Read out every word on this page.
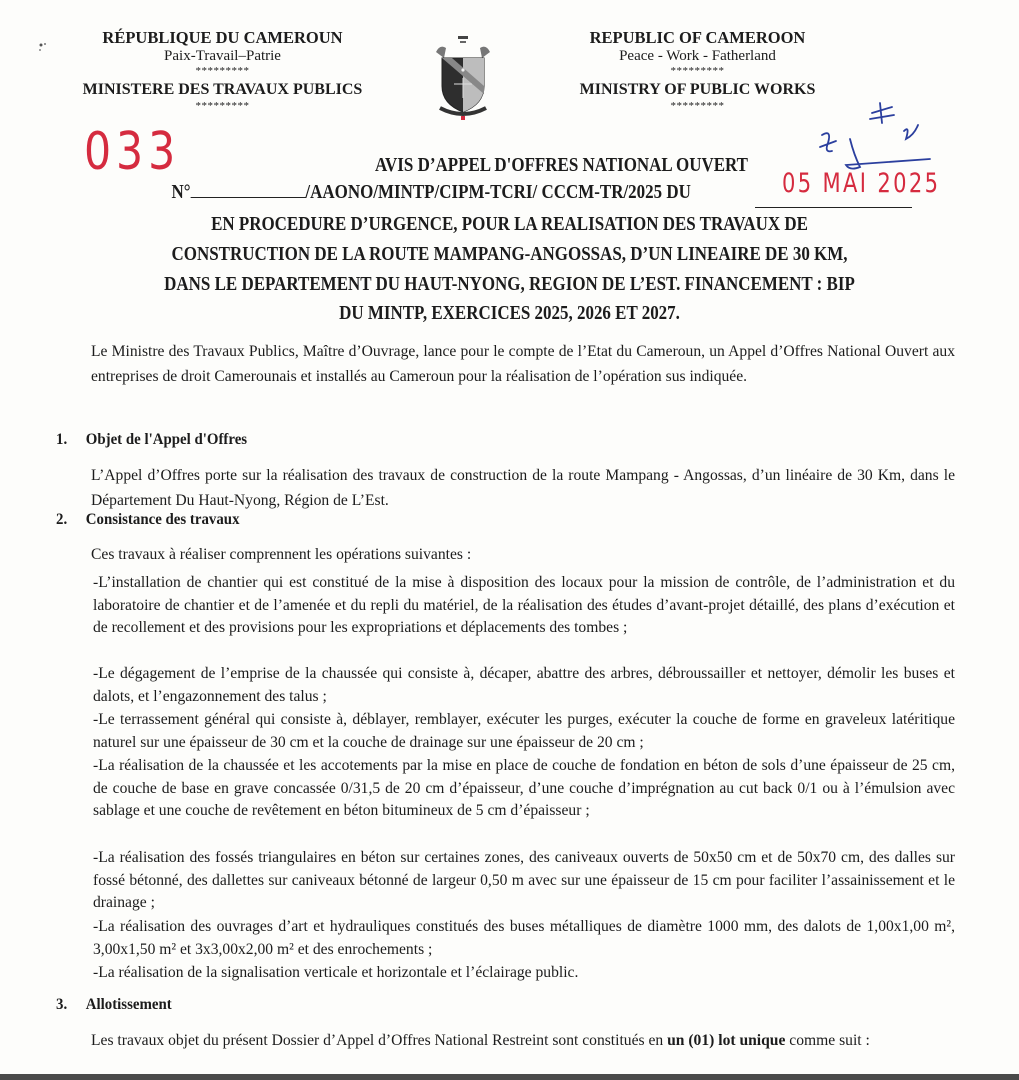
RÉPUBLIQUE DU CAMEROUN
Paix-Travail–Patrie
*********
MINISTERE DES TRAVAUX PUBLICS
*********
REPUBLIC OF CAMEROON
Peace - Work - Fatherland
*********
MINISTRY OF PUBLIC WORKS
*********
033	AVIS D’APPEL D'OFFRES NATIONAL OUVERT
N°	/AAONO/MINTP/CIPM-TCRI/ CCCM-TR/2025 DU	05 MAI 2025
EN PROCEDURE D’URGENCE, POUR LA REALISATION DES TRAVAUX DE
CONSTRUCTION DE LA ROUTE MAMPANG-ANGOSSAS, D’UN LINEAIRE DE 30 KM,
DANS LE DEPARTEMENT DU HAUT-NYONG, REGION DE L’EST. FINANCEMENT : BIP
DU MINTP, EXERCICES 2025, 2026 ET 2027.
Le Ministre des Travaux Publics, Maître d’Ouvrage, lance pour le compte de l’Etat du Cameroun, un Appel d’Offres National Ouvert aux entreprises de droit Camerounais et installés au Cameroun pour la réalisation de l’opération sus indiquée.
1. Objet de l'Appel d'Offres
L’Appel d’Offres porte sur la réalisation des travaux de construction de la route Mampang - Angossas, d’un linéaire de 30 Km, dans le Département Du Haut-Nyong, Région de L’Est.
2. Consistance des travaux
Ces travaux à réaliser comprennent les opérations suivantes :
-L’installation de chantier qui est constitué de la mise à disposition des locaux pour la mission de contrôle, de l’administration et du laboratoire de chantier et de l’amenée et du repli du matériel, de la réalisation des études d’avant-projet détaillé, des plans d’exécution et de recollement et des provisions pour les expropriations et déplacements des tombes ;
-Le dégagement de l’emprise de la chaussée qui consiste à, décaper, abattre des arbres, débroussailler et nettoyer, démolir les buses et dalots, et l’engazonnement des talus ;
-Le terrassement général qui consiste à, déblayer, remblayer, exécuter les purges, exécuter la couche de forme en graveleux latéritique naturel sur une épaisseur de 30 cm et la couche de drainage sur une épaisseur de 20 cm ;
-La réalisation de la chaussée et les accotements par la mise en place de couche de fondation en béton de sols d’une épaisseur de 25 cm, de couche de base en grave concassée 0/31,5 de 20 cm d’épaisseur, d’une couche d’imprégnation au cut back 0/1 ou à l’émulsion avec sablage et une couche de revêtement en béton bitumineux de 5 cm d’épaisseur ;
-La réalisation des fossés triangulaires en béton sur certaines zones, des caniveaux ouverts de 50x50 cm et de 50x70 cm, des dalles sur fossé bétonné, des dallettes sur caniveaux bétonné de largeur 0,50 m avec sur une épaisseur de 15 cm pour faciliter l’assainissement et le drainage ;
-La réalisation des ouvrages d’art et hydrauliques constitués des buses métalliques de diamètre 1000 mm, des dalots de 1,00x1,00 m², 3,00x1,50 m² et 3x3,00x2,00 m² et des enrochements ;
-La réalisation de la signalisation verticale et horizontale et l’éclairage public.
3. Allotissement
Les travaux objet du présent Dossier d’Appel d’Offres National Restreint sont constitués en un (01) lot unique comme suit :
